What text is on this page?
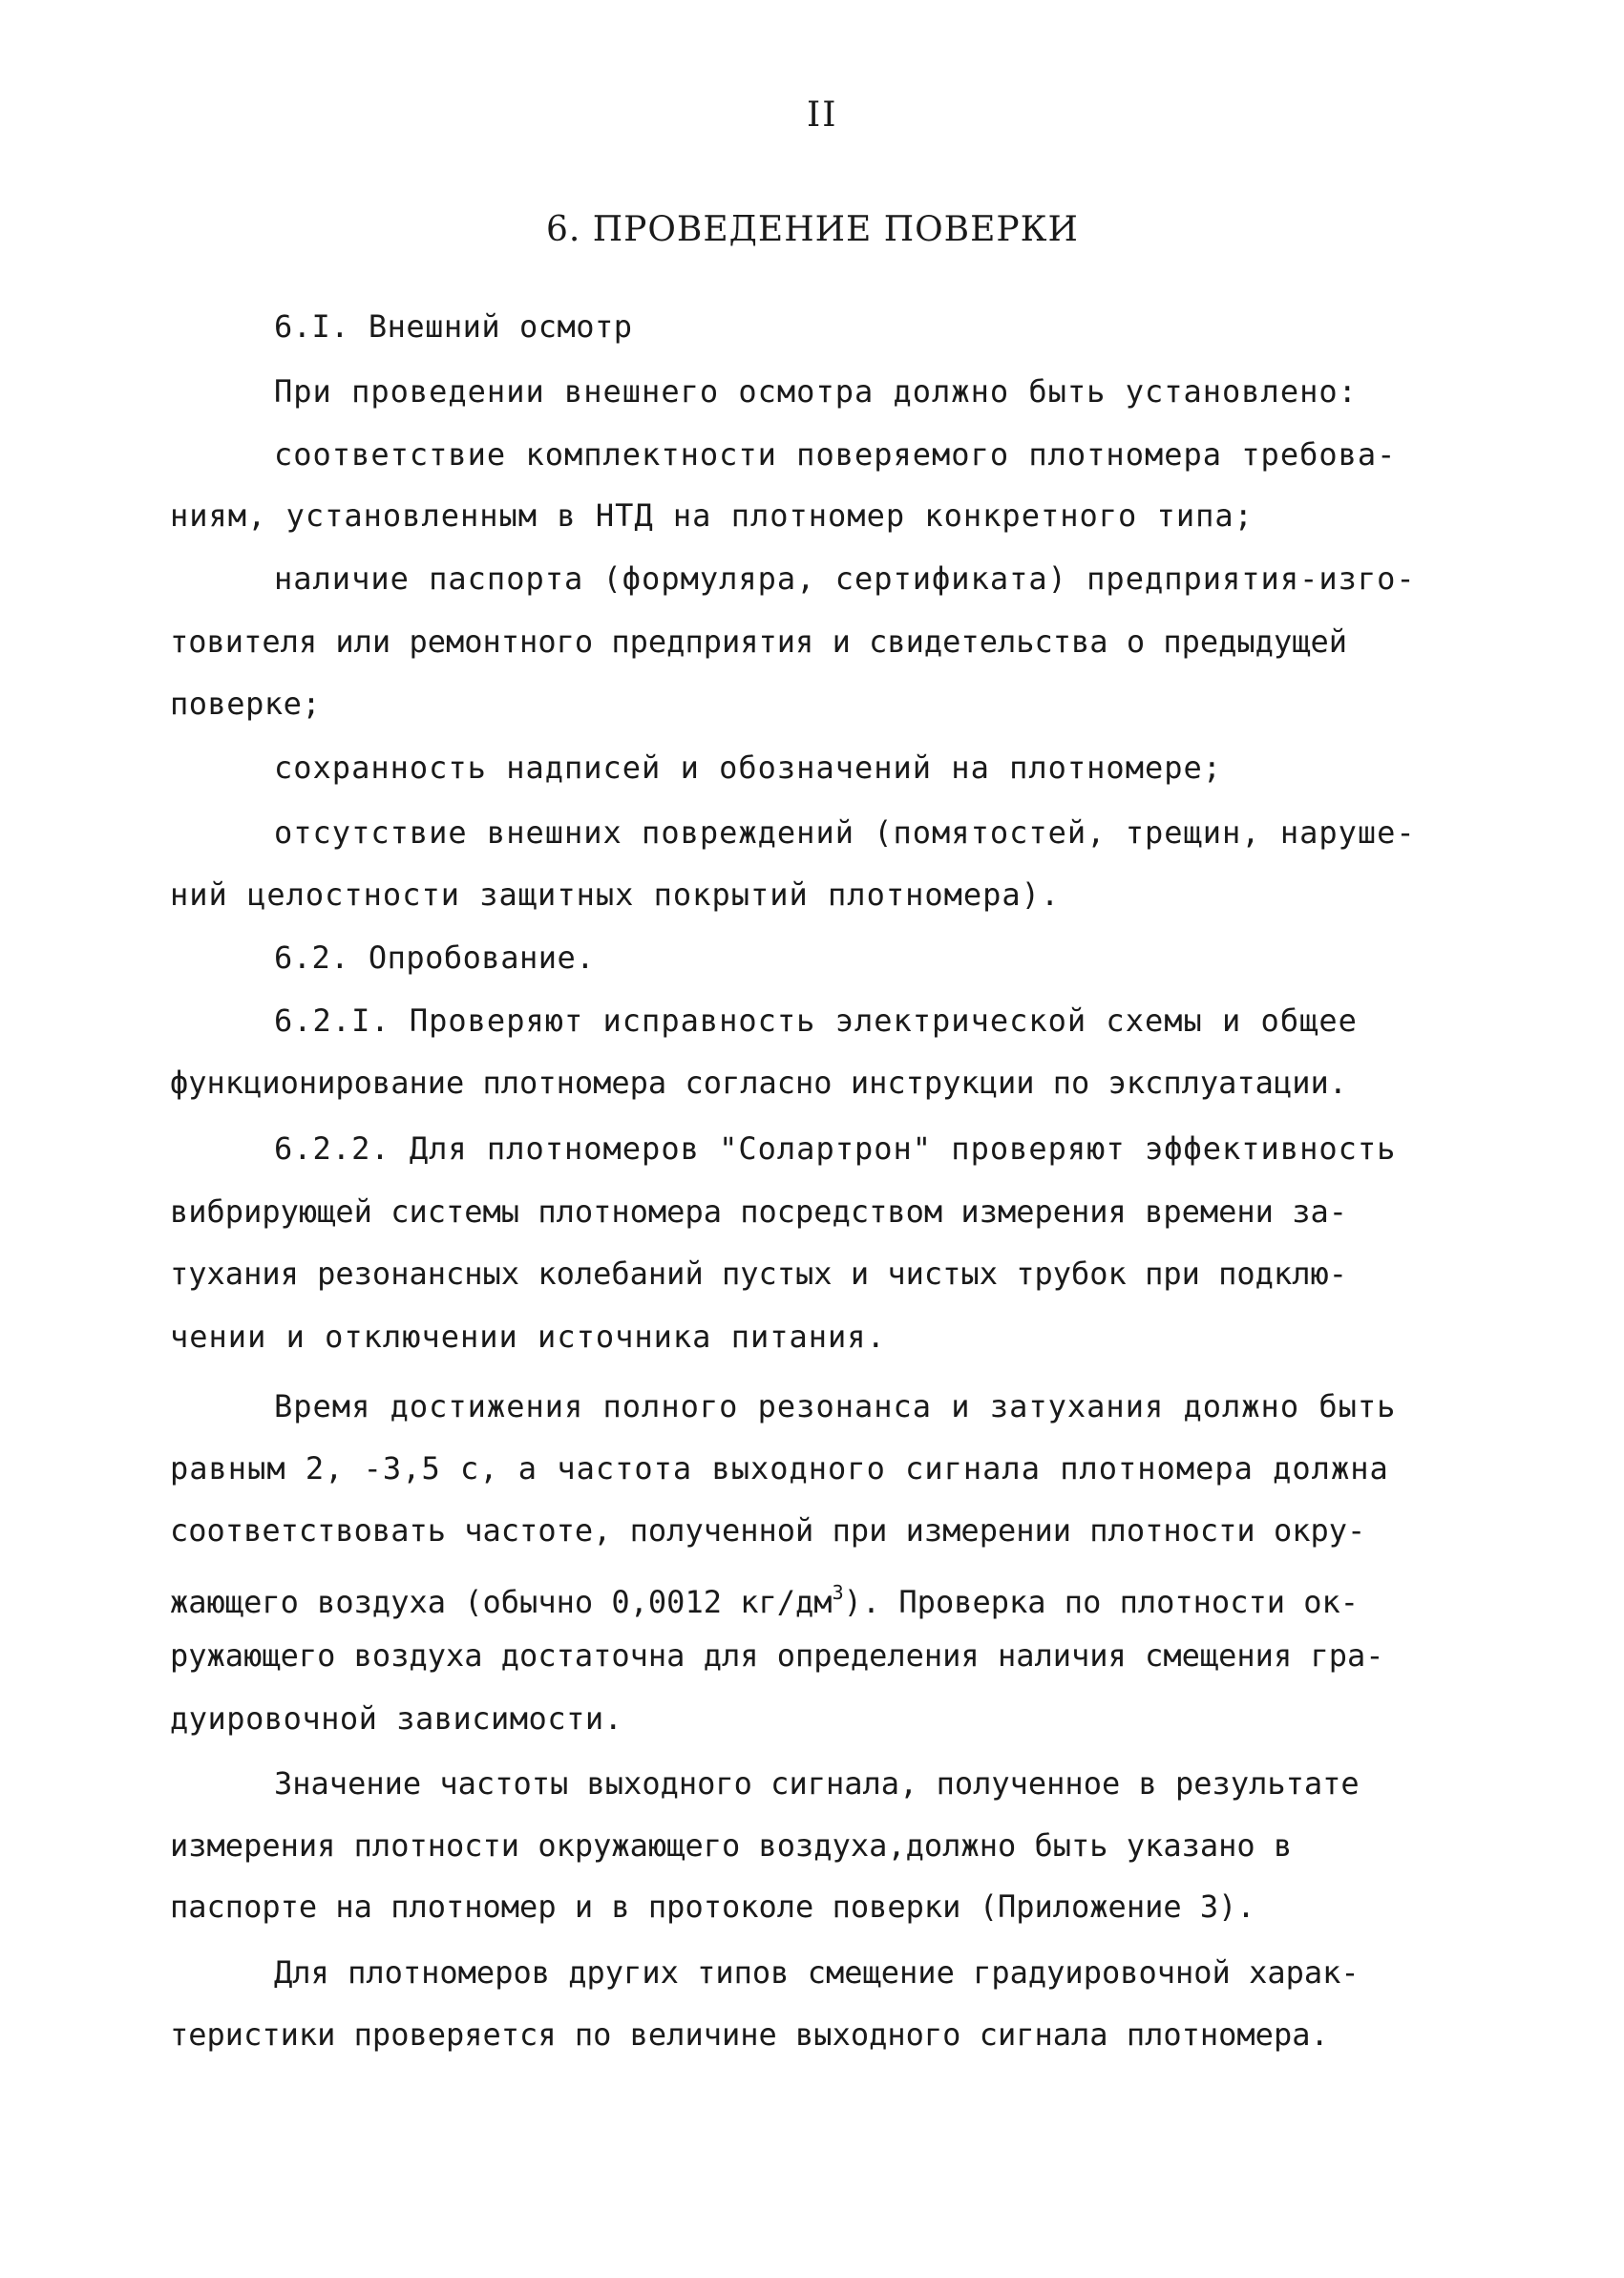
II
6. ПРОВЕДЕНИЕ ПОВЕРКИ
6.I. Внешний осмотр
При проведении внешнего осмотра должно быть установлено:
соответствие комплектности поверяемого плотномера требова-
ниям, установленным в НТД на плотномер конкретного типа;
наличие паспорта (формуляра, сертификата) предприятия-изго-
товителя или ремонтного предприятия и свидетельства о предыдущей
поверке;
сохранность надписей и обозначений на плотномере;
отсутствие внешних повреждений (помятостей, трещин, наруше-
ний целостности защитных покрытий плотномера).
6.2. Опробование.
6.2.I. Проверяют исправность электрической схемы и общее
функционирование плотномера согласно инструкции по эксплуатации.
6.2.2. Для плотномеров "Солартрон" проверяют эффективность
вибрирующей системы плотномера посредством измерения времени за-
тухания резонансных колебаний пустых и чистых трубок при подклю-
чении и отключении источника питания.
Время достижения полного резонанса и затухания должно быть
равным 2, -3,5 с, а частота выходного сигнала плотномера должна
соответствовать частоте, полученной при измерении плотности окру-
жающего воздуха (обычно 0,0012 $кг/дм^3$). Проверка по плотности ок-
ружающего воздуха достаточна для определения наличия смещения гра-
дуировочной зависимости.
Значение частоты выходного сигнала, полученное в результате
измерения плотности окружающего воздуха,должно быть указано в
паспорте на плотномер и в протоколе поверки (Приложение 3).
Для плотномеров других типов смещение градуировочной харак-
теристики проверяется по величине выходного сигнала плотномера.
